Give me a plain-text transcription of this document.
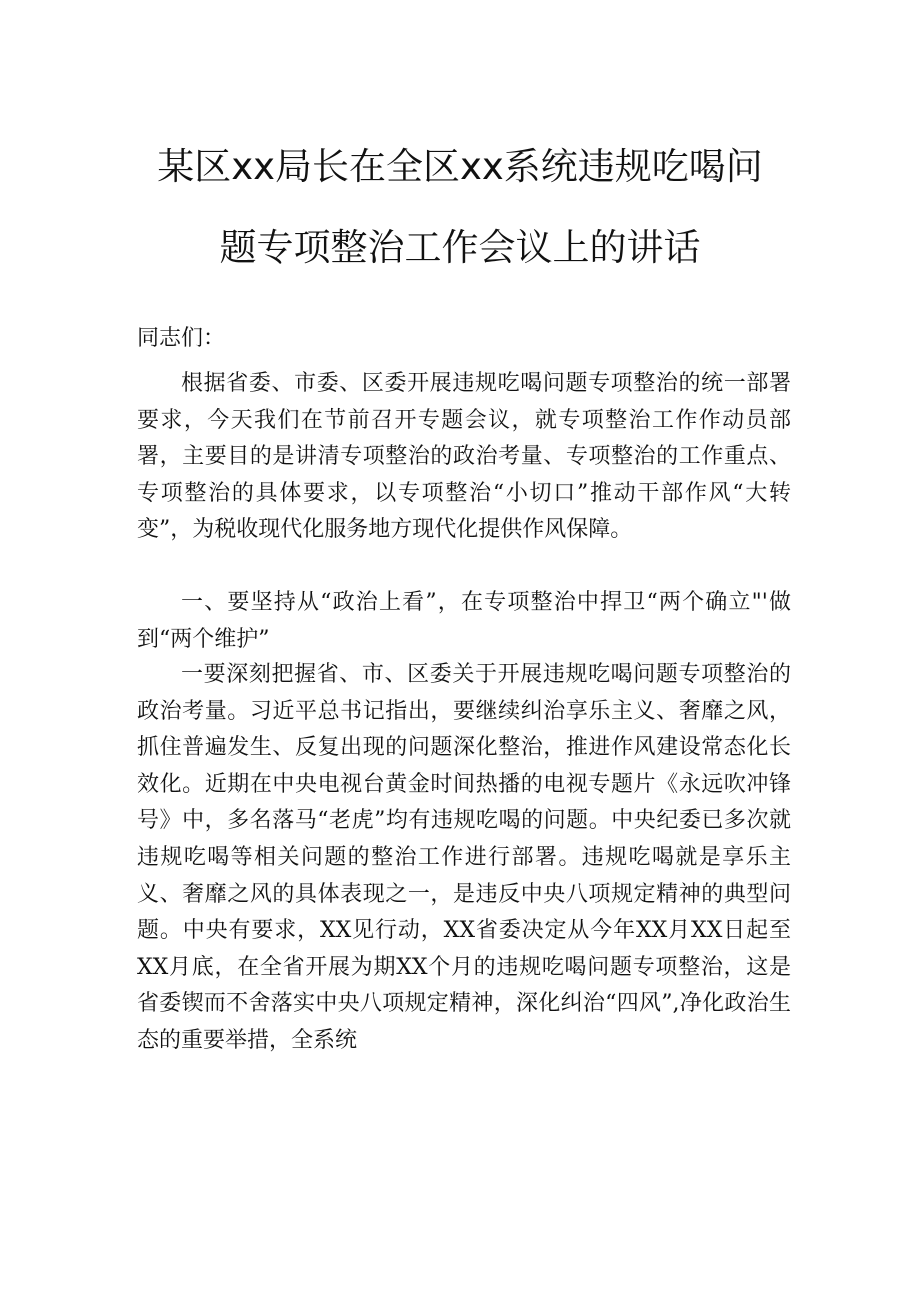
某区xx局长在全区xx系统违规吃喝问
题专项整治工作会议上的讲话
同志们：

根据省委、市委、区委开展违规吃喝问题专项整治的统一部署要求，今天我们在节前召开专题会议，就专项整治工作作动员部署，主要目的是讲清专项整治的政治考量、专项整治的工作重点、专项整治的具体要求，以专项整治“小切口”推动干部作风“大转变”，为税收现代化服务地方现代化提供作风保障。

一、要坚持从“政治上看”，在专项整治中捍卫“两个确立"'做到“两个维护”

一要深刻把握省、市、区委关于开展违规吃喝问题专项整治的政治考量。习近平总书记指出，要继续纠治享乐主义、奢靡之风，抓住普遍发生、反复出现的问题深化整治，推进作风建设常态化长效化。近期在中央电视台黄金时间热播的电视专题片《永远吹冲锋号》中，多名落马“老虎”均有违规吃喝的问题。中央纪委已多次就违规吃喝等相关问题的整治工作进行部署。违规吃喝就是享乐主义、奢靡之风的具体表现之一，是违反中央八项规定精神的典型问题。中央有要求，XX见行动，XX省委决定从今年XX月XX日起至XX月底，在全省开展为期XX个月的违规吃喝问题专项整治，这是省委锲而不舍落实中央八项规定精神，深化纠治“四风”,净化政治生态的重要举措，全系统
